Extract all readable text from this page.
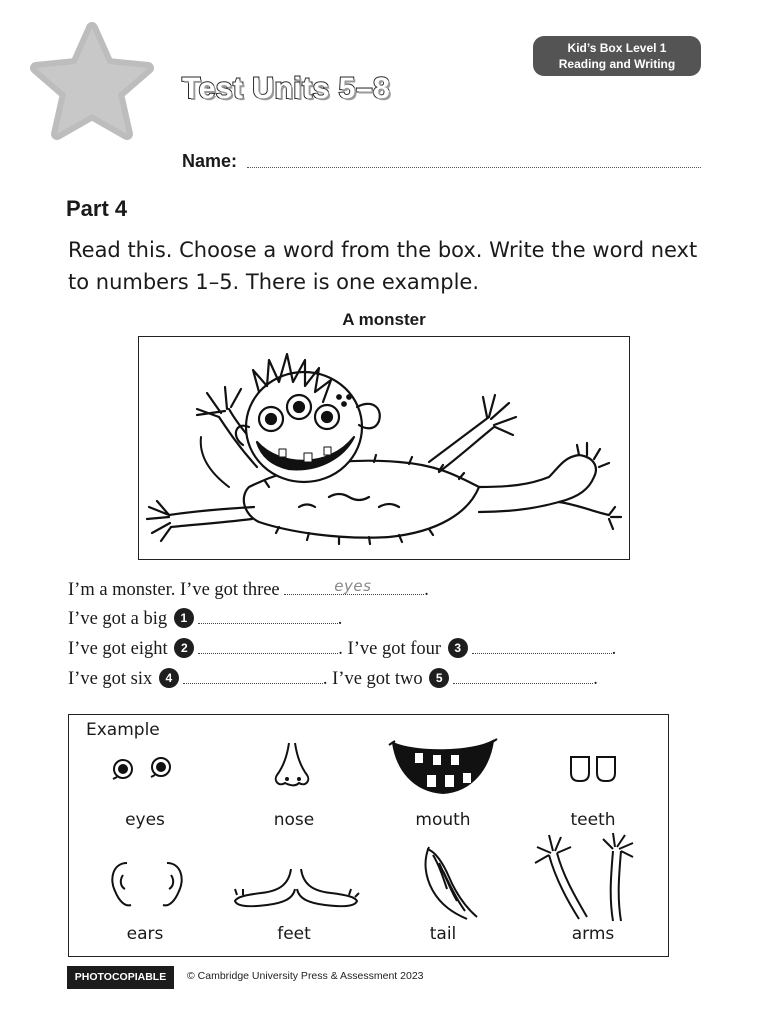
Test Units 5–8
Kid’s Box Level 1
Reading and Writing
Name:
Part 4
Read this. Choose a word from the box. Write the word next to numbers 1–5. There is one example.
A monster
I’m a monster. I’ve got three	eyes	.
I’ve got a big 1	.
I’ve got eight 2	. I’ve got four 3	.
I’ve got six 4	. I’ve got two 5	.
eyes	nose	mouth	teeth
ears	feet	tail	arms
Example
PHOTOCOPIABLE	© Cambridge University Press & Assessment 2023
